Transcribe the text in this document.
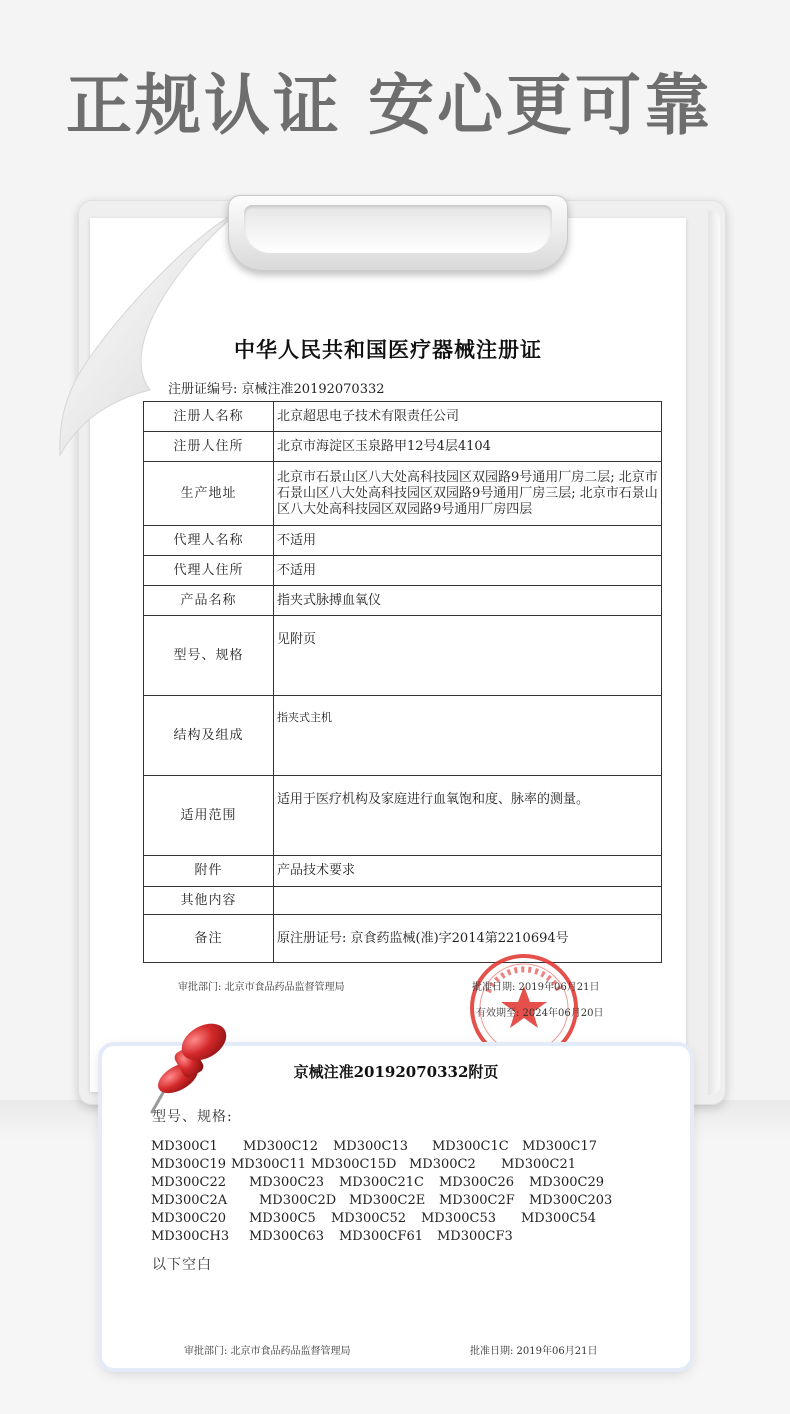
正规认证 安心更可靠
中华人民共和国医疗器械注册证
注册证编号: 京械注准20192070332
注册人名称	北京超思电子技术有限责任公司
注册人住所	北京市海淀区玉泉路甲12号4层4104
生产地址	北京市石景山区八大处高科技园区双园路9号通用厂房二层; 北京市石景山区八大处高科技园区双园路9号通用厂房三层; 北京市石景山区八大处高科技园区双园路9号通用厂房四层
代理人名称	不适用
代理人住所	不适用
产品名称	指夹式脉搏血氧仪
型号、规格	见附页
结构及组成	指夹式主机
适用范围	适用于医疗机构及家庭进行血氧饱和度、脉率的测量。
附件	产品技术要求
其他内容	
备注	原注册证号: 京食药监械(准)字2014第2210694号
审批部门: 北京市食品药品监督管理局	批准日期: 2019年06月21日
有效期至: 2024年06月20日
京械注准20192070332附页
型号、规格:
MD300C1	MD300C12	MD300C13	MD300C1C	MD300C17
MD300C19 MD300C11 MD300C15D MD300C2	MD300C21
MD300C22	MD300C23	MD300C21C	MD300C26	MD300C29
MD300C2A	MD300C2D MD300C2E	MD300C2F	MD300C203
MD300C20	MD300C5	MD300C52	MD300C53	MD300C54
MD300CH3	MD300C63	MD300CF61	MD300CF3
以下空白
审批部门: 北京市食品药品监督管理局	批准日期: 2019年06月21日
